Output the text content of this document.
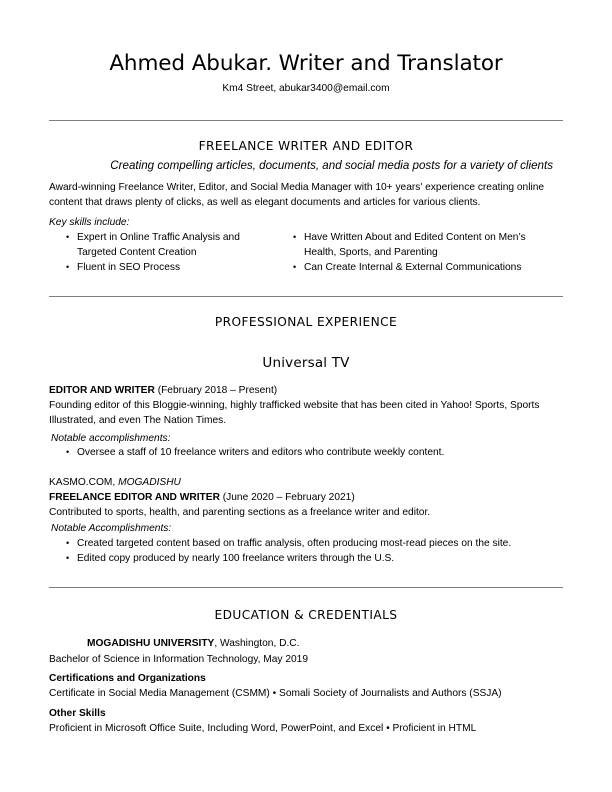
Ahmed Abukar. Writer and Translator
Km4 Street, abukar3400@email.com
FREELANCE WRITER AND EDITOR
Creating compelling articles, documents, and social media posts for a variety of clients
Award-winning Freelance Writer, Editor, and Social Media Manager with 10+ years' experience creating online content that draws plenty of clicks, as well as elegant documents and articles for various clients.
Key skills include:
• Expert in Online Traffic Analysis and Targeted Content Creation
• Fluent in SEO Process
• Have Written About and Edited Content on Men’s Health, Sports, and Parenting
• Can Create Internal & External Communications
PROFESSIONAL EXPERIENCE
Universal TV
EDITOR AND WRITER (February 2018 – Present)
Founding editor of this Bloggie-winning, highly trafficked website that has been cited in Yahoo! Sports, Sports Illustrated, and even The Nation Times.
Notable accomplishments:
• Oversee a staff of 10 freelance writers and editors who contribute weekly content.
KASMO.COM, MOGADISHU
FREELANCE EDITOR AND WRITER (June 2020 – February 2021)
Contributed to sports, health, and parenting sections as a freelance writer and editor.
Notable Accomplishments:
• Created targeted content based on traffic analysis, often producing most-read pieces on the site.
• Edited copy produced by nearly 100 freelance writers through the U.S.
EDUCATION & CREDENTIALS
MOGADISHU UNIVERSITY, Washington, D.C.
Bachelor of Science in Information Technology, May 2019
Certifications and Organizations
Certificate in Social Media Management (CSMM) • Somali Society of Journalists and Authors (SSJA)
Other Skills
Proficient in Microsoft Office Suite, Including Word, PowerPoint, and Excel • Proficient in HTML
